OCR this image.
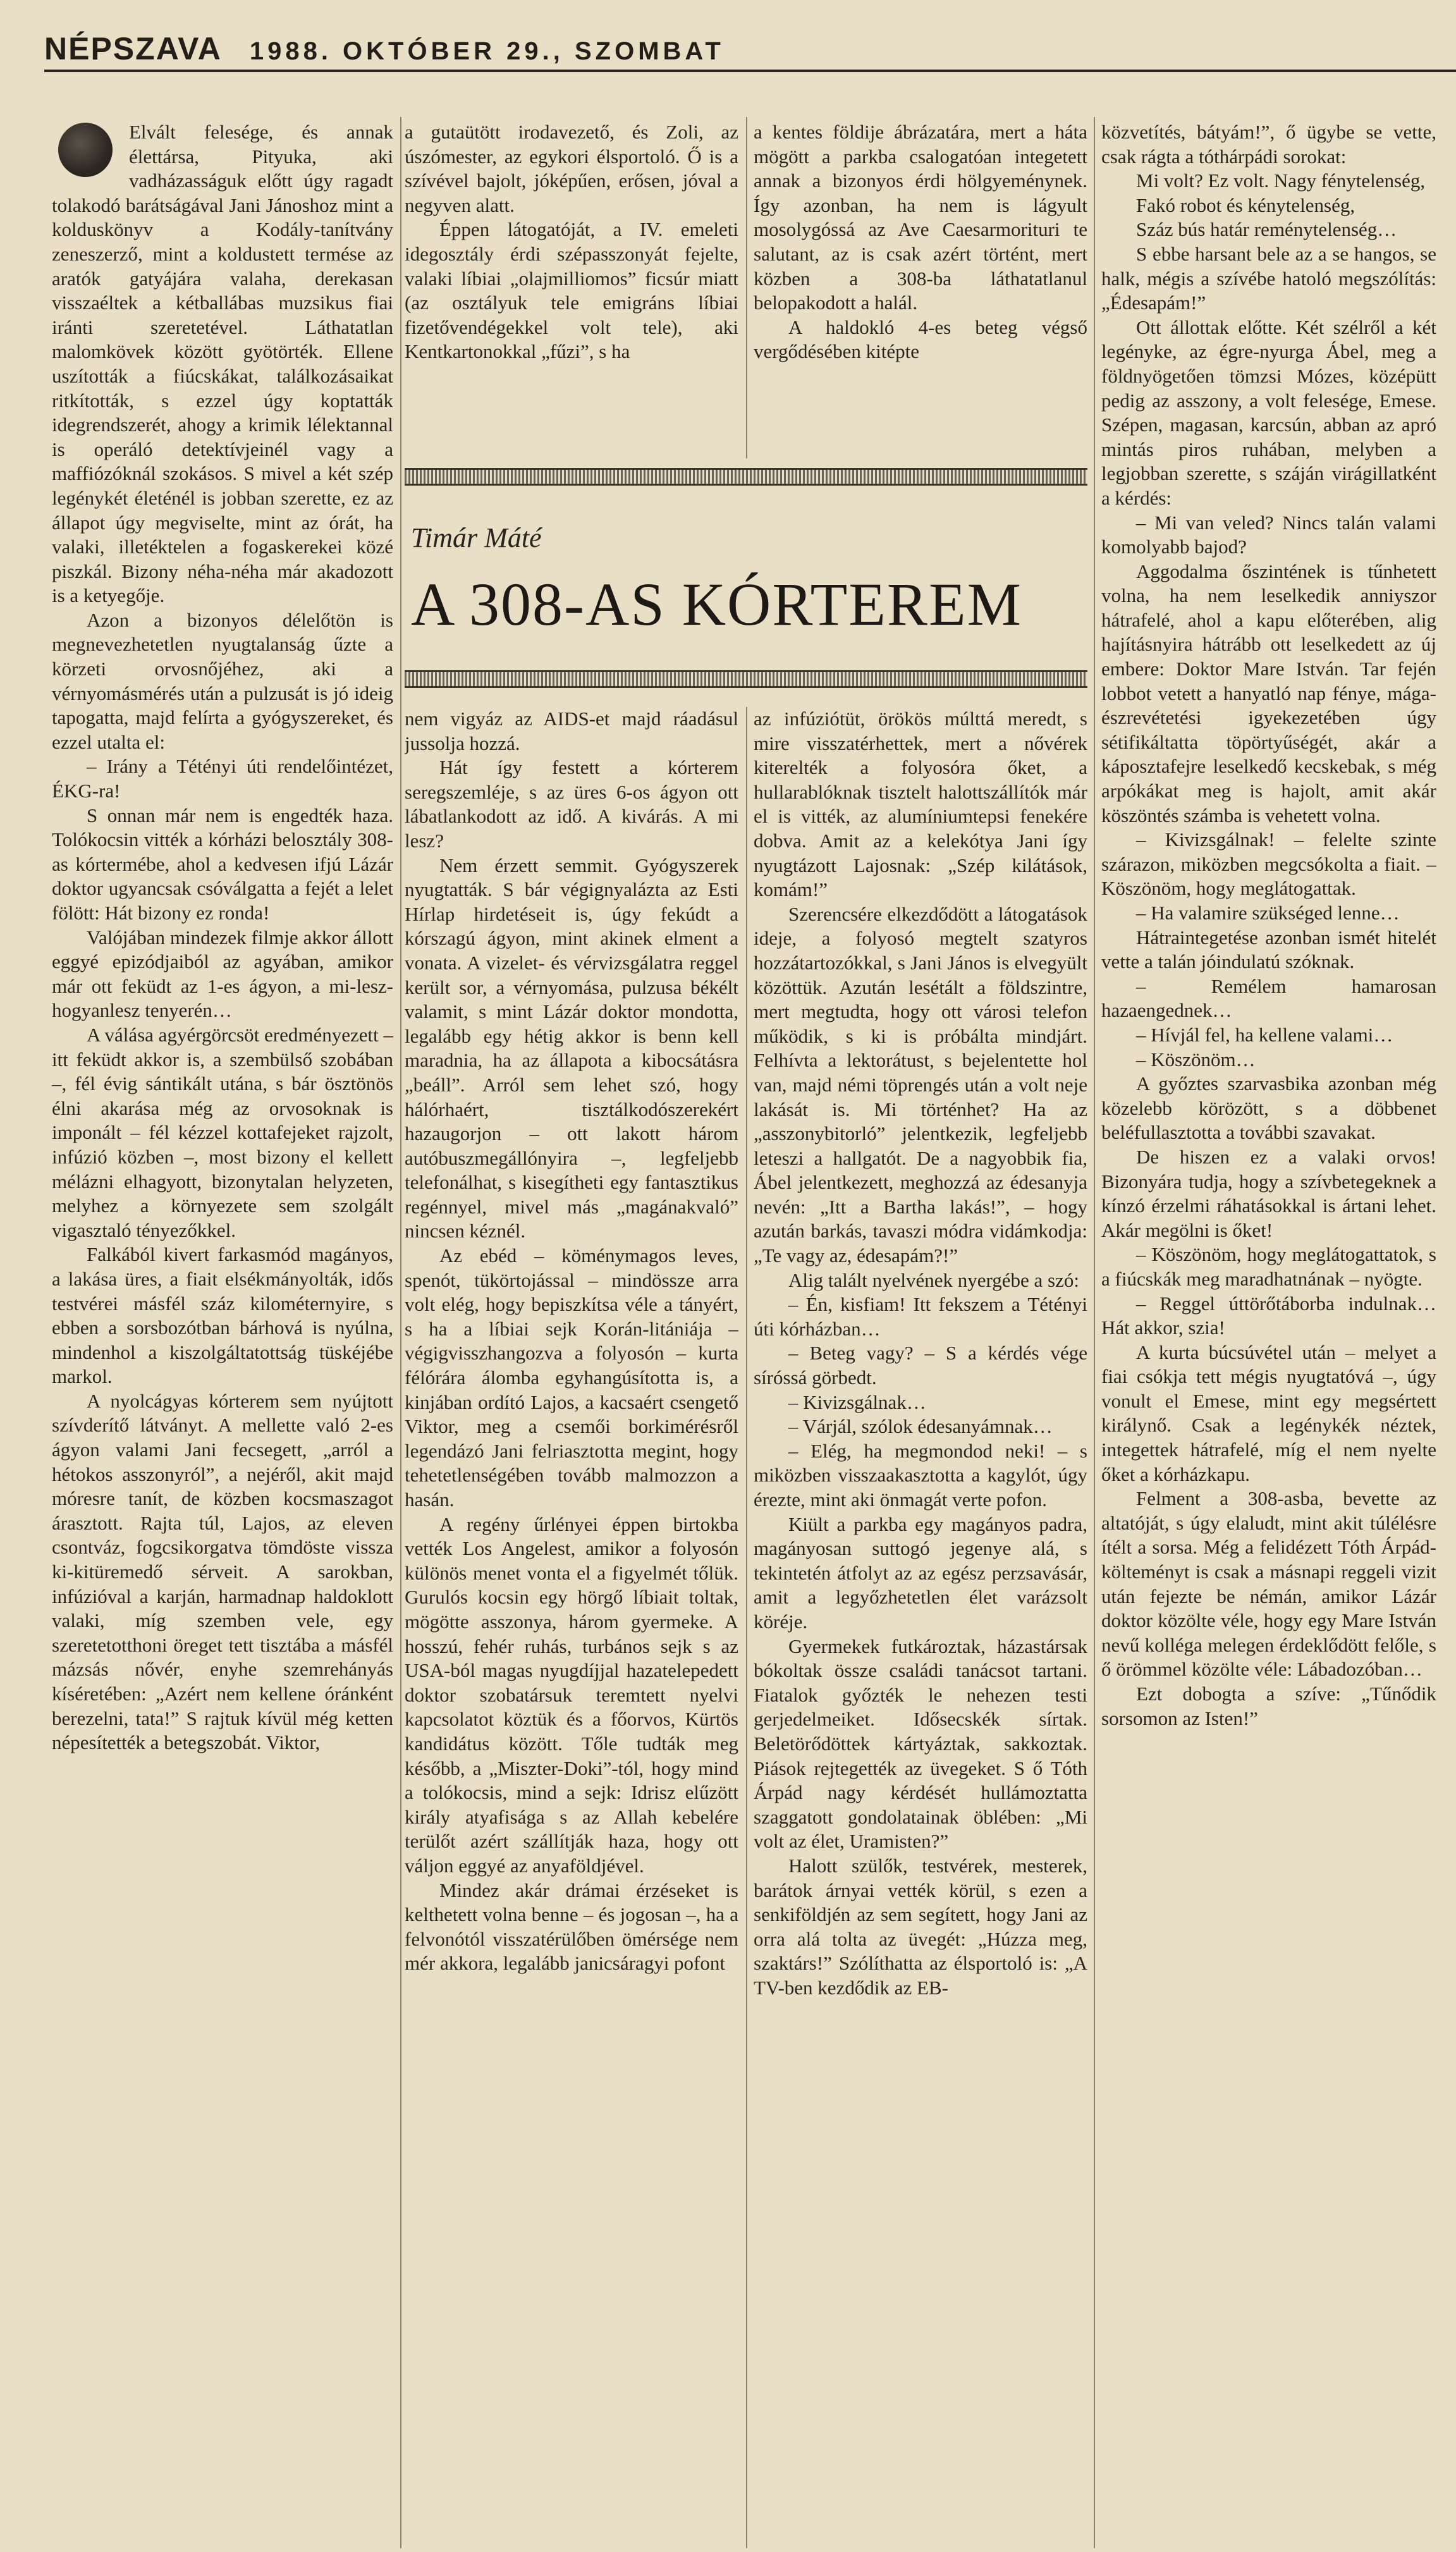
NÉPSZAVA 1988. OKTÓBER 29., SZOMBAT

Elvált felesége, és annak élettársa, Pityuka, aki vadházasságuk előtt úgy ragadt tolakodó barátságával Jani Jánoshoz mint a kolduskönyv a Kodály-tanítvány zeneszerző, mint a koldustett termése az aratók gatyájára valaha, derekasan visszaéltek a kétballábas muzsikus fiai iránti szeretetével. Láthatatlan malomkövek között gyötörték. Ellene uszították a fiúcskákat, találkozásaikat ritkították, s ezzel úgy koptatták idegrendszerét, ahogy a krimik lélektannal is operáló detektívjeinél vagy a maffiózóknál szokásos. S mivel a két szép legénykét életénél is jobban szerette, ez az állapot úgy megviselte, mint az órát, ha valaki, illetéktelen a fogaskerekei közé piszkál. Bizony néha-néha már akadozott is a ketyegője.

Azon a bizonyos délelőtön is megnevezhetetlen nyugtalanság űzte a körzeti orvosnőjéhez, aki a vérnyomásmérés után a pulzusát is jó ideig tapogatta, majd felírta a gyógyszereket, és ezzel utalta el:

– Irány a Tétényi úti rendelőintézet, ÉKG-ra!

S onnan már nem is engedték haza. Tolókocsin vitték a kórházi belosztály 308-as kórtermébe, ahol a kedvesen ifjú Lázár doktor ugyancsak csóválgatta a fejét a lelet fölött: Hát bizony ez ronda!

Valójában mindezek filmje akkor állott eggyé epizódjaiból az agyában, amikor már ott feküdt az 1-es ágyon, a mi-lesz-hogyanlesz tenyerén…

A válása agyérgörcsöt eredményezett – itt feküdt akkor is, a szembülső szobában –, fél évig sántikált utána, s bár ösztönös élni akarása még az orvosoknak is imponált – fél kézzel kottafejeket rajzolt, infúzió közben –, most bizony el kellett mélázni elhagyott, bizonytalan helyzeten, melyhez a környezete sem szolgált vigasztaló tényezőkkel.

Falkából kivert farkasmód magányos, a lakása üres, a fiait elsékmányolták, idős testvérei másfél száz kilométernyire, s ebben a sorsbozótban bárhová is nyúlna, mindenhol a kiszolgáltatottság tüskéjébe markol.

A nyolcágyas kórterem sem nyújtott szívderítő látványt. A mellette való 2-es ágyon valami Jani fecsegett, „arról a hétokos asszonyról”, a nejéről, akit majd móresre tanít, de közben kocsmaszagot árasztott. Rajta túl, Lajos, az eleven csontváz, fogcsikorgatva tömdöste vissza ki-kitüremedő sérveit. A sarokban, infúzióval a karján, harmadnap haldoklott valaki, míg szemben vele, egy szeretetotthoni öreget tett tisztába a másfél mázsás nővér, enyhe szemrehányás kíséretében: „Azért nem kellene óránként berezelni, tata!” S rajtuk kívül még ketten népesítették a betegszobát. Viktor,

a gutaütött irodavezető, és Zoli, az úszómester, az egykori élsportoló. Ő is a szívével bajolt, jóképűen, erősen, jóval a negyven alatt.

Éppen látogatóját, a IV. emeleti idegosztály érdi szépasszonyát fejelte, valaki líbiai „olajmilliomos” ficsúr miatt (az osztályuk tele emigráns líbiai fizetővendégekkel volt tele), aki Kentkartonokkal „fűzi”, s ha

a kentes földije ábrázatára, mert a háta mögött a parkba csalogatóan integetett annak a bizonyos érdi hölgyeménynek. Így azonban, ha nem is lágyult mosolygóssá az Ave Caesarmorituri te salutant, az is csak azért történt, mert közben a 308-ba láthatatlanul belopakodott a halál.

A haldokló 4-es beteg végső vergődésében kitépte

Timár Máté
A 308-AS KÓRTEREM

nem vigyáz az AIDS-et majd ráadásul jussolja hozzá.

Hát így festett a kórterem seregszemléje, s az üres 6-os ágyon ott lábatlankodott az idő. A kivárás. A mi lesz?

Nem érzett semmit. Gyógyszerek nyugtatták. S bár végignyalázta az Esti Hírlap hirdetéseit is, úgy fekúdt a kórszagú ágyon, mint akinek elment a vonata. A vizelet- és vérvizsgálatra reggel került sor, a vérnyomása, pulzusa békélt valamit, s mint Lázár doktor mondotta, legalább egy hétig akkor is benn kell maradnia, ha az állapota a kibocsátásra „beáll”. Arról sem lehet szó, hogy hálórhaért, tisztálkodószerekért hazaugorjon – ott lakott három autóbuszmegállónyira –, legfeljebb telefonálhat, s kisegítheti egy fantasztikus regénnyel, mivel más „magánakvaló” nincsen kéznél.

Az ebéd – köménymagos leves, spenót, tükörtojással – mindössze arra volt elég, hogy bepiszkítsa véle a tányért, s ha a líbiai sejk Korán-litániája – végigvisszhangozva a folyosón – kurta félórára álomba egyhangúsította is, a kinjában ordító Lajos, a kacsaért csengető Viktor, meg a csemői borkimérésről legendázó Jani felriasztotta megint, hogy tehetetlenségében tovább malmozzon a hasán.

A regény űrlényei éppen birtokba vették Los Angelest, amikor a folyosón különös menet vonta el a figyelmét tőlük. Gurulós kocsin egy hörgő líbiait toltak, mögötte asszonya, három gyermeke. A hosszú, fehér ruhás, turbános sejk s az USA-ból magas nyugdíjjal hazatelepedett doktor szobatársuk teremtett nyelvi kapcsolatot köztük és a főorvos, Kürtös kandidátus között. Tőle tudták meg később, a „Miszter-Doki”-tól, hogy mind a tolókocsis, mind a sejk: Idrisz elűzött király atyafisága s az Allah kebelére terülőt azért szállítják haza, hogy ott váljon eggyé az anyaföldjével.

Mindez akár drámai érzéseket is kelthetett volna benne – és jogosan –, ha a felvonótól visszatérülőben ömérsége nem mér akkora, legalább janicsáragyi pofont

az infúziótüt, örökös múlttá meredt, s mire visszatérhettek, mert a nővérek kiterelték a folyosóra őket, a hullarablóknak tisztelt halottszállítók már el is vitték, az alumíniumtepsi fenekére dobva. Amit az a kelekótya Jani így nyugtázott Lajosnak: „Szép kilátások, komám!”

Szerencsére elkezdődött a látogatások ideje, a folyosó megtelt szatyros hozzátartozókkal, s Jani János is elvegyült közöttük. Azután lesétált a földszintre, mert megtudta, hogy ott városi telefon működik, s ki is próbálta mindjárt. Felhívta a lektorátust, s bejelentette hol van, majd némi töprengés után a volt neje lakását is. Mi történhet? Ha az „asszonybitorló” jelentkezik, legfeljebb leteszi a hallgatót. De a nagyobbik fia, Ábel jelentkezett, meghozzá az édesanyja nevén: „Itt a Bartha lakás!”, – hogy azután barkás, tavaszi módra vidámkodja: „Te vagy az, édesapám?!”

Alig talált nyelvének nyergébe a szó:

– Én, kisfiam! Itt fekszem a Tétényi úti kórházban…

– Beteg vagy? – S a kérdés vége síróssá görbedt.

– Kivizsgálnak…

– Várjál, szólok édesanyámnak…

– Elég, ha megmondod neki! – s miközben visszaakasztotta a kagylót, úgy érezte, mint aki önmagát verte pofon.

Kiült a parkba egy magányos padra, magányosan suttogó jegenye alá, s tekintetén átfolyt az az egész perzsavásár, amit a legyőzhetetlen élet varázsolt köréje.

Gyermekek futkároztak, házastársak bókoltak össze családi tanácsot tartani. Fiatalok győzték le nehezen testi gerjedelmeiket. Idősecskék sírtak. Beletörődöttek kártyáztak, sakkoztak. Piások rejtegették az üvegeket. S ő Tóth Árpád nagy kérdését hullámoztatta szaggatott gondolatainak öblében: „Mi volt az élet, Uramisten?”

Halott szülők, testvérek, mesterek, barátok árnyai vették körül, s ezen a senkiföldjén az sem segített, hogy Jani az orra alá tolta az üvegét: „Húzza meg, szaktárs!” Szólíthatta az élsportoló is: „A TV-ben kezdődik az EB-

közvetítés, bátyám!”, ő ügybe se vette, csak rágta a tóthárpádi sorokat:

Mi volt? Ez volt. Nagy fénytelenség,

Fakó robot és kénytelenség,

Száz bús határ reménytelenség…

S ebbe harsant bele az a se hangos, se halk, mégis a szívébe hatoló megszólítás: „Édesapám!”

Ott állottak előtte. Két szélről a két legényke, az égre-nyurga Ábel, meg a földnyögetően tömzsi Mózes, középütt pedig az asszony, a volt felesége, Emese. Szépen, magasan, karcsún, abban az apró mintás piros ruhában, melyben a legjobban szerette, s száján virágillatként a kérdés:

– Mi van veled? Nincs talán valami komolyabb bajod?

Aggodalma őszintének is tűnhetett volna, ha nem leselkedik anniyszor hátrafelé, ahol a kapu előterében, alig hajításnyira hátrább ott leselkedett az új embere: Doktor Mare István. Tar fején lobbot vetett a hanyatló nap fénye, mága-észrevétetési igyekezetében úgy sétifikáltatta töpörtyűségét, akár a káposztafejre leselkedő kecskebak, s még arpókákat meg is hajolt, amit akár köszöntés számba is vehetett volna.

– Kivizsgálnak! – felelte szinte szárazon, miközben megcsókolta a fiait. – Köszönöm, hogy meglátogattak.

– Ha valamire szükséged lenne…

Hátraintegetése azonban ismét hitelét vette a talán jóindulatú szóknak.

– Remélem hamarosan hazaengednek…

– Hívjál fel, ha kellene valami…

– Köszönöm…

A győztes szarvasbika azonban még közelebb körözött, s a döbbenet beléfullasztotta a további szavakat.

De hiszen ez a valaki orvos! Bizonyára tudja, hogy a szívbetegeknek a kínzó érzelmi ráhatásokkal is ártani lehet. Akár megölni is őket!

– Köszönöm, hogy meglátogattatok, s a fiúcskák meg maradhatnának – nyögte.

– Reggel úttörőtáborba indulnak… Hát akkor, szia!

A kurta búcsúvétel után – melyet a fiai csókja tett mégis nyugtatóvá –, úgy vonult el Emese, mint egy megsértett királynő. Csak a legénykék néztek, integettek hátrafelé, míg el nem nyelte őket a kórházkapu.

Felment a 308-asba, bevette az altatóját, s úgy elaludt, mint akit túlélésre ítélt a sorsa. Még a felidézett Tóth Árpád-költeményt is csak a másnapi reggeli vizit után fejezte be némán, amikor Lázár doktor közölte véle, hogy egy Mare István nevű kolléga melegen érdeklődött felőle, s ő örömmel közölte véle: Lábadozóban…

Ezt dobogta a szíve: „Tűnődik sorsomon az Isten!”
